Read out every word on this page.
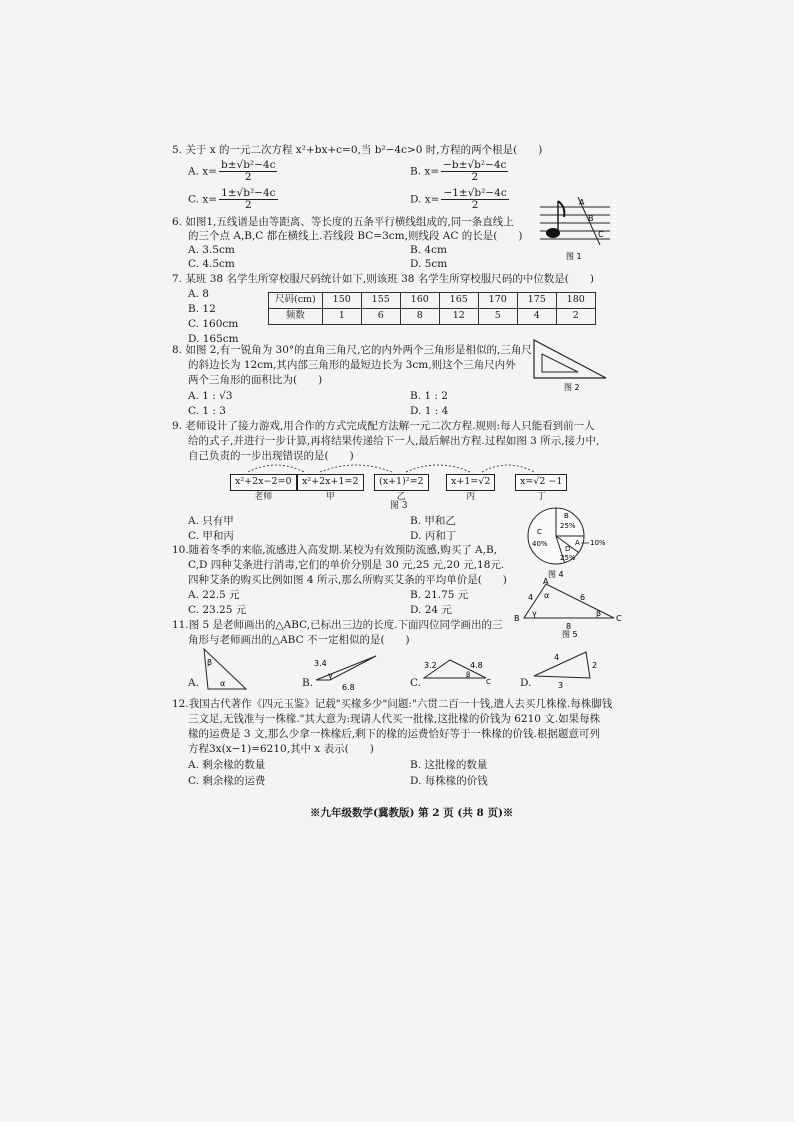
5. 关于 x 的一元二次方程 x²+bx+c=0,当 b²−4c>0 时,方程的两个根是(　　)
A. $x= \frac{\text{b±√b²−4c}}{2}$	B. $x= \frac{\text{−b±√b²−4c}}{2}$
C. $x= \frac{\text{1±√b²−4c}}{2}$	D. $x= \frac{\text{−1±√b²−4c}}{2}$
6. 如图1,五线谱是由等距离、等长度的五条平行横线组成的,同一条直线上
的三个点 A,B,C 都在横线上.若线段 BC=3cm,则线段 AC 的长是(　　)
A. 3.5cm	B. 4cm
C. 4.5cm	D. 5cm
A
B
C
图 1
7. 某班 38 名学生所穿校服尺码统计如下,则该班 38 名学生所穿校服尺码的中位数是(　　)
A. 8
B. 12
C. 160cm
D. 165cm
尺码(cm)	150	155	160	165	170	175	180
频数	1	6	8	12	5	4	2
8. 如图 2,有一锐角为 30°的直角三角尺,它的内外两个三角形是相似的,三角尺
的斜边长为 12cm,其内部三角形的最短边长为 3cm,则这个三角尺内外
两个三角形的面积比为(　　)
A. 1 : √3	B. 1 : 2
C. 1 : 3	D. 1 : 4
图 2
9. 老师设计了接力游戏,用合作的方式完成配方法解一元二次方程.规则:每人只能看到前一人
给的式子,并进行一步计算,再将结果传递给下一人,最后解出方程.过程如图 3 所示,接力中,
自己负责的一步出现错误的是(　　)
x²+2x−2=0
老师
x²+2x+1=2
甲
(x+1)²=2
乙
x+1=√2
丙
x=√2 −1
丁
图 3
A. 只有甲	B. 甲和乙
C. 甲和丙	D. 丙和丁
B
25%
A 10%
C
40%
D
25%
图 4
10.随着冬季的来临,流感进入高发期.某校为有效预防流感,购买了 A,B,
C,D 四种艾条进行消毒,它们的单价分别是 30 元,25 元,20 元,18元.
四种艾条的购买比例如图 4 所示,那么所购买艾条的平均单价是(　　)
A. 22.5 元	B. 21.75 元
C. 23.25 元	D. 24 元
A
B	C
4	6
8
α
γ	β
图 5
11.图 5 是老师画出的△ABC,已标出三边的长度.下面四位同学画出的三
角形与老师画出的△ABC 不一定相似的是(　　)
A.
β
α	B.
3.4
6.8
γ
C.
3.2	4.8
β
C	D.
4
2
3
12.我国古代著作《四元玉鉴》记载"买椽多少"问题:"六贯二百一十钱,遣人去买几株椽.每株脚钱
三文足,无钱准与一株椽."其大意为:现请人代买一批椽,这批椽的价钱为 6210 文.如果每株
椽的运费是 3 文,那么少拿一株椽后,剩下的椽的运费恰好等于一株椽的价钱.根据题意可列
方程3x(x−1)=6210,其中 x 表示(　　)
A. 剩余椽的数量	B. 这批椽的数量
C. 剩余椽的运费	D. 每株椽的价钱
※九年级数学(冀教版) 第 2 页 (共 8 页)※
